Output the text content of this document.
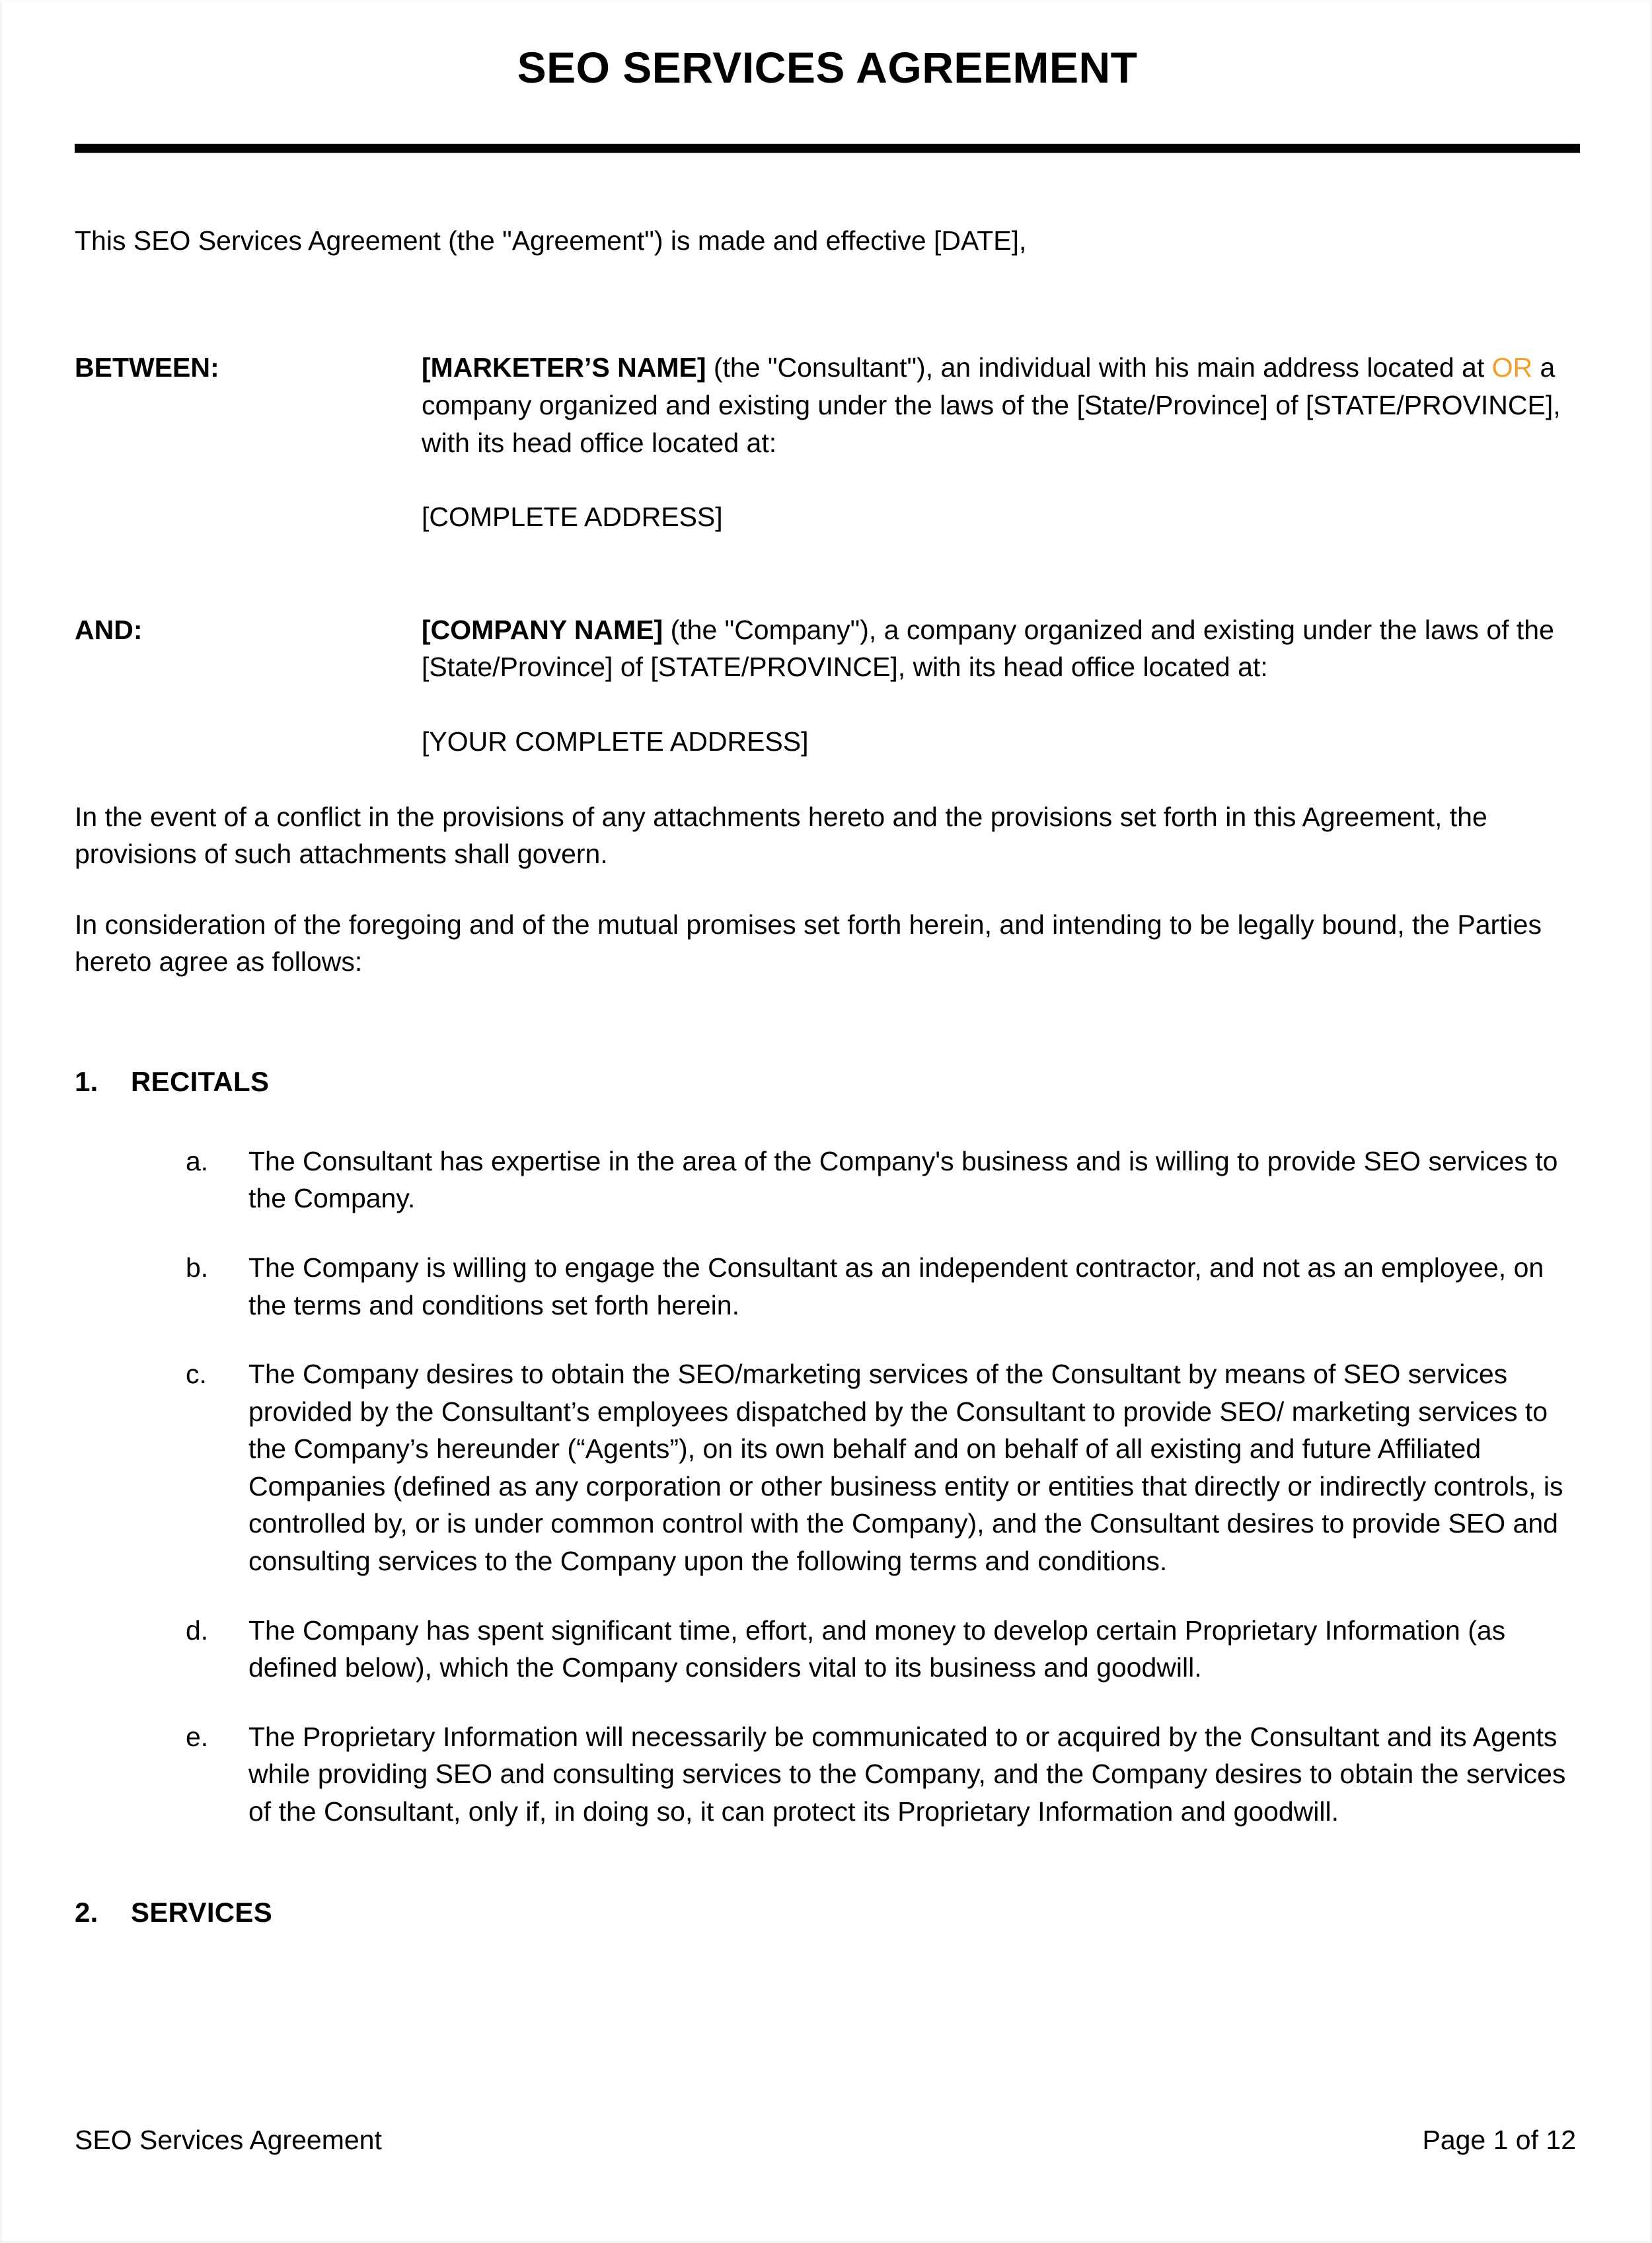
SEO SERVICES AGREEMENT

This SEO Services Agreement (the "Agreement") is made and effective [DATE],

BETWEEN:	[MARKETER’S NAME] (the "Consultant"), an individual with his main address located at OR a company organized and existing under the laws of the [State/Province] of [STATE/PROVINCE], with its head office located at:
[COMPLETE ADDRESS]
AND:	[COMPANY NAME] (the "Company"), a company organized and existing under the laws of the [State/Province] of [STATE/PROVINCE], with its head office located at:
[YOUR COMPLETE ADDRESS]

In the event of a conflict in the provisions of any attachments hereto and the provisions set forth in this Agreement, the provisions of such attachments shall govern.

In consideration of the foregoing and of the mutual promises set forth herein, and intending to be legally bound, the Parties hereto agree as follows:

1.	RECITALS
a.	The Consultant has expertise in the area of the Company's business and is willing to provide SEO services to the Company.
b.	The Company is willing to engage the Consultant as an independent contractor, and not as an employee, on the terms and conditions set forth herein.
c.	The Company desires to obtain the SEO/marketing services of the Consultant by means of SEO services provided by the Consultant’s employees dispatched by the Consultant to provide SEO/ marketing services to the Company’s hereunder (“Agents”), on its own behalf and on behalf of all existing and future Affiliated Companies (defined as any corporation or other business entity or entities that directly or indirectly controls, is controlled by, or is under common control with the Company), and the Consultant desires to provide SEO and consulting services to the Company upon the following terms and conditions.
d.	The Company has spent significant time, effort, and money to develop certain Proprietary Information (as defined below), which the Company considers vital to its business and goodwill.
e.	The Proprietary Information will necessarily be communicated to or acquired by the Consultant and its Agents while providing SEO and consulting services to the Company, and the Company desires to obtain the services of the Consultant, only if, in doing so, it can protect its Proprietary Information and goodwill.
2.	SERVICES
SEO Services Agreement	Page 1 of 12
